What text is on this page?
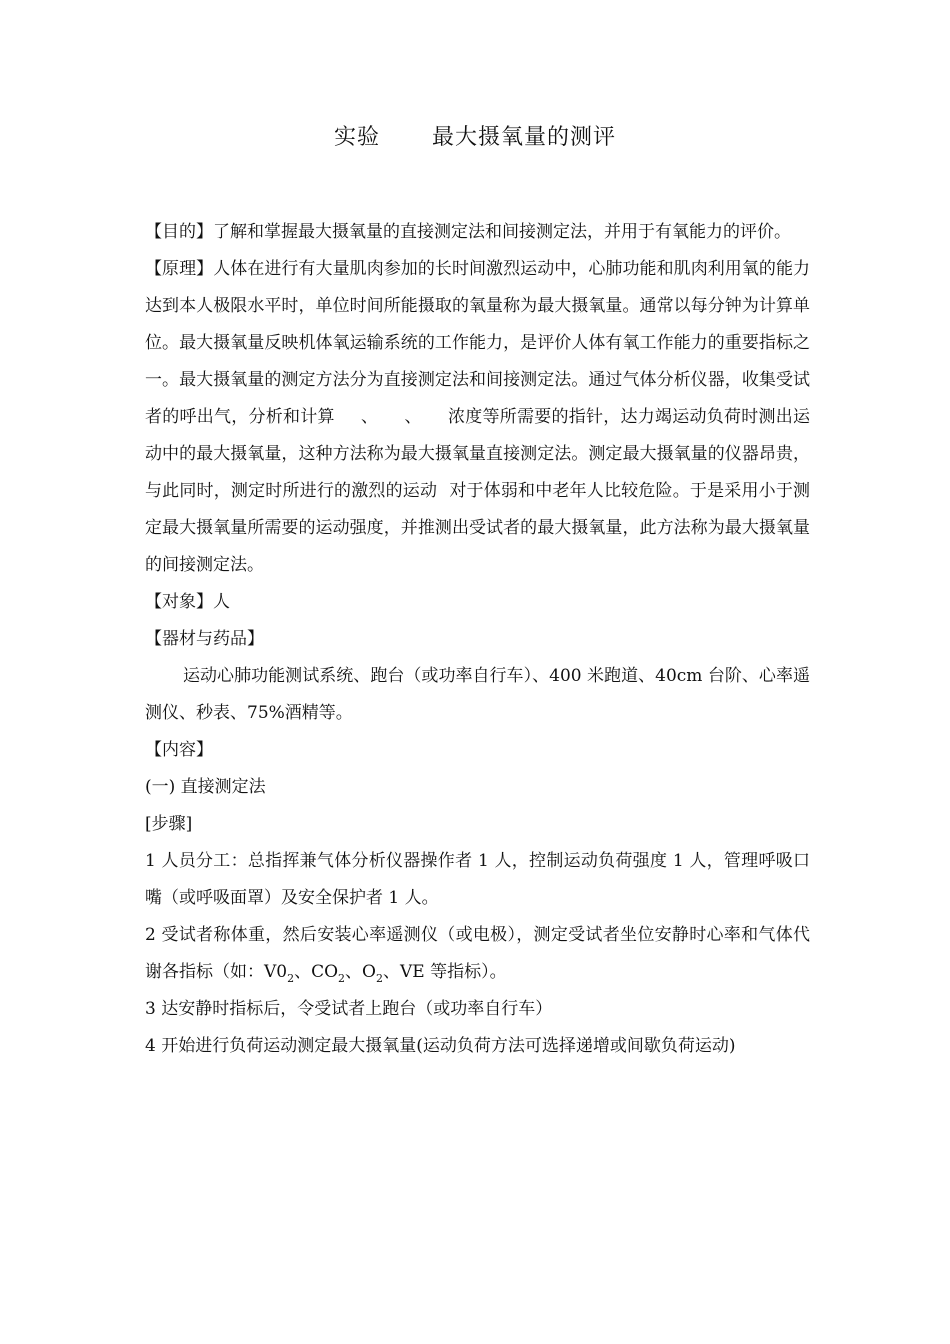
实验 最大摄氧量的测评

【目的】了解和掌握最大摄氧量的直接测定法和间接测定法，并用于有氧能力的评价。

【原理】人体在进行有大量肌肉参加的长时间激烈运动中，心肺功能和肌肉利用氧的能力达到本人极限水平时，单位时间所能摄取的氧量称为最大摄氧量。通常以每分钟为计算单位。最大摄氧量反映机体氧运输系统的工作能力，是评价人体有氧工作能力的重要指标之一。最大摄氧量的测定方法分为直接测定法和间接测定法。通过气体分析仪器，收集受试者的呼出气，分析和计算 、 、 浓度等所需要的指针，达力竭运动负荷时测出运动中的最大摄氧量，这种方法称为最大摄氧量直接测定法。测定最大摄氧量的仪器昂贵，与此同时，测定时所进行的激烈的运动 对于体弱和中老年人比较危险。于是采用小于测定最大摄氧量所需要的运动强度，并推测出受试者的最大摄氧量，此方法称为最大摄氧量的间接测定法。

【对象】人

【器材与药品】

运动心肺功能测试系统、跑台（或功率自行车）、400 米跑道、40cm 台阶、心率遥测仪、秒表、75%酒精等。

【内容】

(一) 直接测定法

[步骤]

1 人员分工：总指挥兼气体分析仪器操作者 1 人，控制运动负荷强度 1 人，管理呼吸口嘴（或呼吸面罩）及安全保护者 1 人。

2 受试者称体重，然后安装心率遥测仪（或电极），测定受试者坐位安静时心率和气体代谢各指标（如：$V0_2$、$CO_2$、$O_2$、VE 等指标）。

3 达安静时指标后，令受试者上跑台（或功率自行车）

4 开始进行负荷运动测定最大摄氧量(运动负荷方法可选择递增或间歇负荷运动)
